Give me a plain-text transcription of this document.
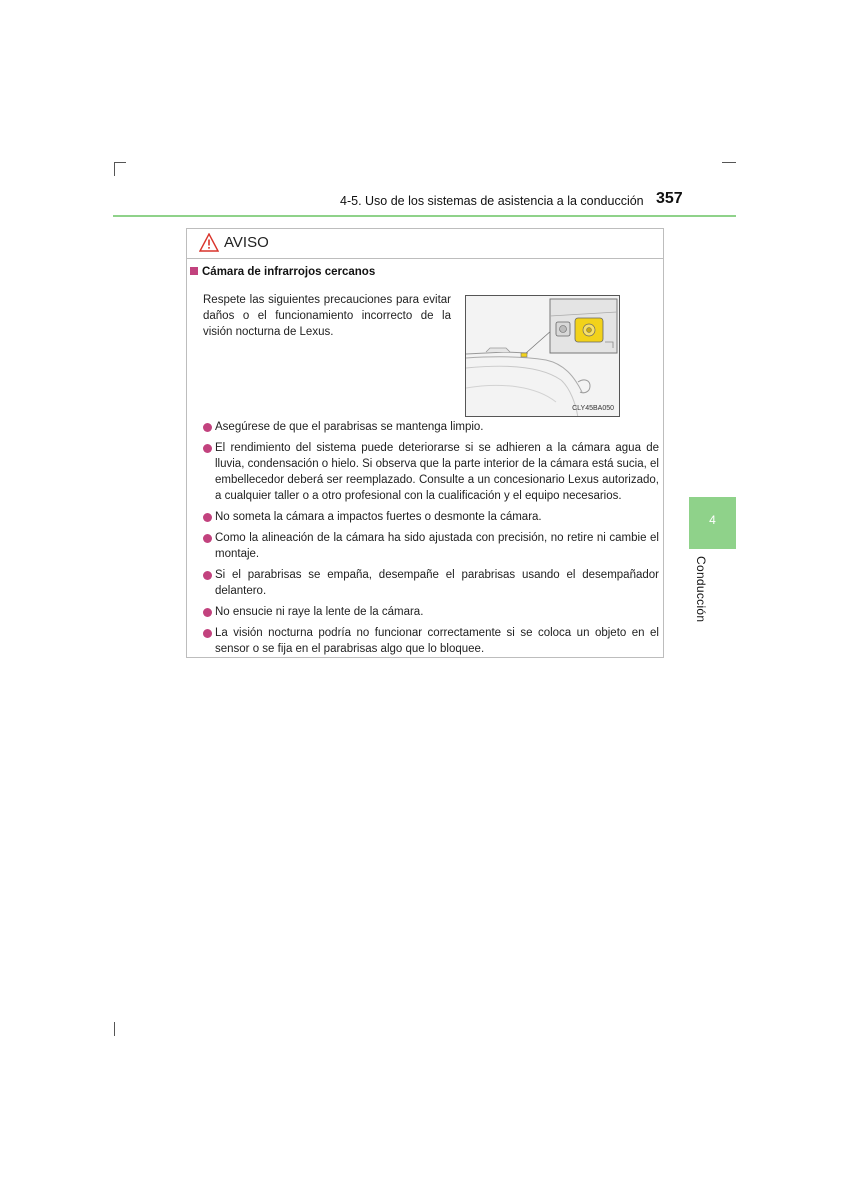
4-5. Uso de los sistemas de asistencia a la conducción 357
4
Conducción
AVISO
Cámara de infrarrojos cercanos

Respete las siguientes precauciones para evitar daños o el funcionamiento incorrecto de la visión nocturna de Lexus.

CLY45BA050
Asegúrese de que el parabrisas se mantenga limpio.
El rendimiento del sistema puede deteriorarse si se adhieren a la cámara agua de lluvia, condensación o hielo. Si observa que la parte interior de la cámara está sucia, el embellecedor deberá ser reemplazado. Consulte a un concesionario Lexus autorizado, a cualquier taller o a otro profesional con la cualificación y el equipo necesarios.
No someta la cámara a impactos fuertes o desmonte la cámara.
Como la alineación de la cámara ha sido ajustada con precisión, no retire ni cambie el montaje.
Si el parabrisas se empaña, desempañe el parabrisas usando el desempañador delantero.
No ensucie ni raye la lente de la cámara.
La visión nocturna podría no funcionar correctamente si se coloca un objeto en el sensor o se fija en el parabrisas algo que lo bloquee.
